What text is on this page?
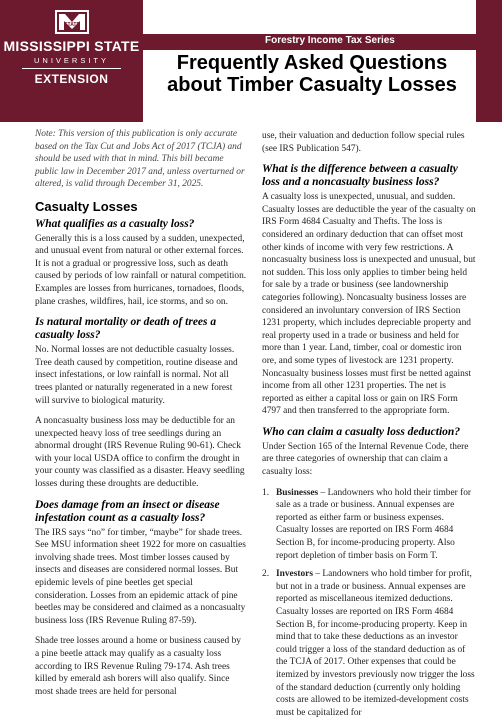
STATE
MISSISSIPPI STATE
UNIVERSITY
EXTENSION
Forestry Income Tax Series
Frequently Asked Questions
about Timber Casualty Losses

Note: This version of this publication is only accurate based on the Tax Cut and Jobs Act of 2017 (TCJA) and should be used with that in mind. This bill became public law in December 2017 and, unless overturned or altered, is valid through December 31, 2025.

Casualty Losses
What qualifies as a casualty loss?

Generally this is a loss caused by a sudden, unexpected, and unusual event from natural or other external forces. It is not a gradual or progressive loss, such as death caused by periods of low rainfall or natural competition. Examples are losses from hurricanes, tornadoes, floods, plane crashes, wildfires, hail, ice storms, and so on.

Is natural mortality or death of trees a casualty loss?

No. Normal losses are not deductible casualty losses. Tree death caused by competition, routine disease and insect infestations, or low rainfall is normal. Not all trees planted or naturally regenerated in a new forest will survive to biological maturity.

A noncasualty business loss may be deductible for an unexpected heavy loss of tree seedlings during an abnormal drought (IRS Revenue Ruling 90-61). Check with your local USDA office to confirm the drought in your county was classified as a disaster. Heavy seedling losses during these droughts are deductible.

Does damage from an insect or disease infestation count as a casualty loss?

The IRS says “no” for timber, “maybe” for shade trees. See MSU information sheet 1922 for more on casualties involving shade trees. Most timber losses caused by insects and diseases are considered normal losses. But epidemic levels of pine beetles get special consideration. Losses from an epidemic attack of pine beetles may be considered and claimed as a noncasualty business loss (IRS Revenue Ruling 87-59).

Shade tree losses around a home or business caused by a pine beetle attack may qualify as a casualty loss according to IRS Revenue Ruling 79-174. Ash trees killed by emerald ash borers will also qualify. Since most shade trees are held for personal

use, their valuation and deduction follow special rules (see IRS Publication 547).

What is the difference between a casualty loss and a noncasualty business loss?

A casualty loss is unexpected, unusual, and sudden. Casualty losses are deductible the year of the casualty on IRS Form 4684 Casualty and Thefts. The loss is considered an ordinary deduction that can offset most other kinds of income with very few restrictions. A noncasualty business loss is unexpected and unusual, but not sudden. This loss only applies to timber being held for sale by a trade or business (see landownership categories following). Noncasualty business losses are considered an involuntary conversion of IRS Section 1231 property, which includes depreciable property and real property used in a trade or business and held for more than 1 year. Land, timber, coal or domestic iron ore, and some types of livestock are 1231 property. Noncasualty business losses must first be netted against income from all other 1231 properties. The net is reported as either a capital loss or gain on IRS Form 4797 and then transferred to the appropriate form.

Who can claim a casualty loss deduction?

Under Section 165 of the Internal Revenue Code, there are three categories of ownership that can claim a casualty loss:

1. Businesses – Landowners who hold their timber for sale as a trade or business. Annual expenses are reported as either farm or business expenses. Casualty losses are reported on IRS Form 4684 Section B, for income-producing property. Also report depletion of timber basis on Form T.
2. Investors – Landowners who hold timber for profit, but not in a trade or business. Annual expenses are reported as miscellaneous itemized deductions. Casualty losses are reported on IRS Form 4684 Section B, for income-producing property. Keep in mind that to take these deductions as an investor could trigger a loss of the standard deduction as of the TCJA of 2017. Other expenses that could be itemized by investors previously now trigger the loss of the standard deduction (currently only holding costs are allowed to be itemized-development costs must be capitalized for
